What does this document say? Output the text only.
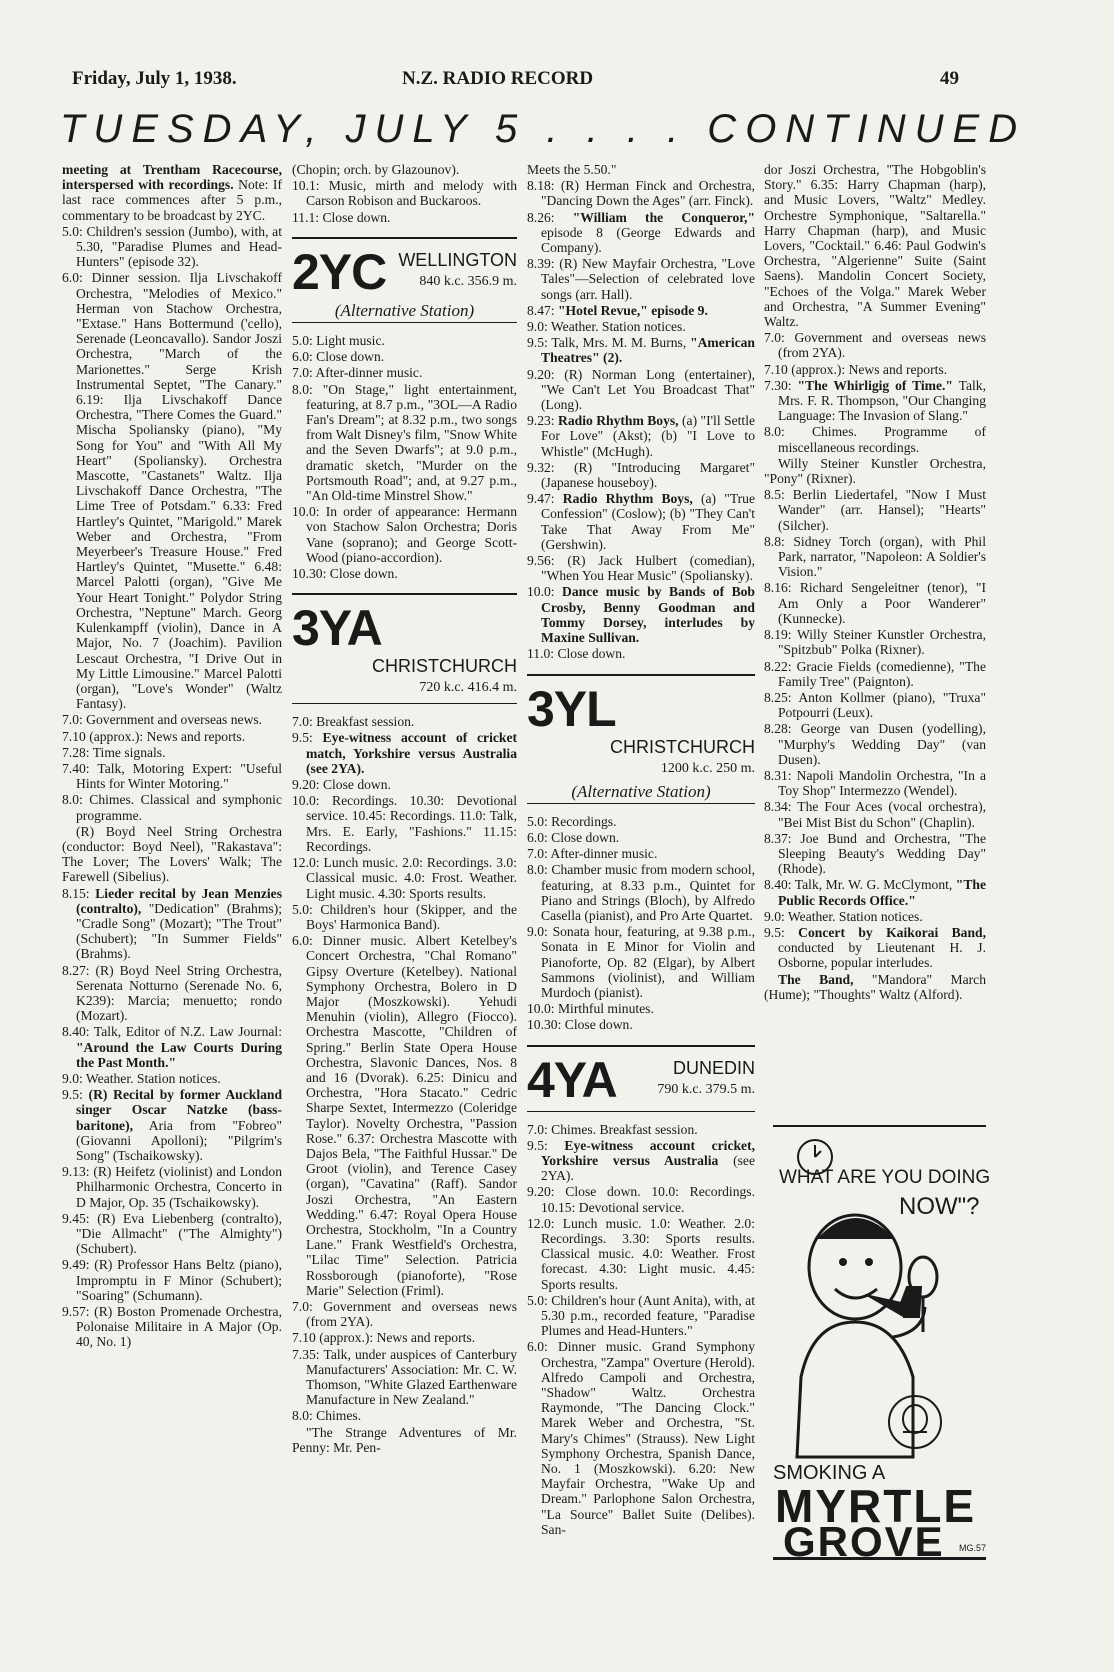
Friday, July 1, 1938.	N.Z. RADIO RECORD	49
TUESDAY, JULY 5 . . . . CONTINUED

meeting at Trentham Racecourse, interspersed with recordings. Note: If last race commences after 5 p.m., commentary to be broadcast by 2YC.

5.0: Children's session (Jumbo), with, at 5.30, "Paradise Plumes and Head-Hunters" (episode 32).

6.0: Dinner session. Ilja Livschakoff Orchestra, "Melodies of Mexico." Herman von Stachow Orchestra, "Extase." Hans Bottermund ('cello), Serenade (Leoncavallo). Sandor Joszi Orchestra, "March of the Marionettes." Serge Krish Instrumental Septet, "The Canary." 6.19: Ilja Livschakoff Dance Orchestra, "There Comes the Guard." Mischa Spoliansky (piano), "My Song for You" and "With All My Heart" (Spoliansky). Orchestra Mascotte, "Castanets" Waltz. Ilja Livschakoff Dance Orchestra, "The Lime Tree of Potsdam." 6.33: Fred Hartley's Quintet, "Marigold." Marek Weber and Orchestra, "From Meyerbeer's Treasure House." Fred Hartley's Quintet, "Musette." 6.48: Marcel Palotti (organ), "Give Me Your Heart Tonight." Polydor String Orchestra, "Neptune" March. Georg Kulenkampff (violin), Dance in A Major, No. 7 (Joachim). Pavilion Lescaut Orchestra, "I Drive Out in My Little Limousine." Marcel Palotti (organ), "Love's Wonder" (Waltz Fantasy).

7.0: Government and overseas news.

7.10 (approx.): News and reports.

7.28: Time signals.

7.40: Talk, Motoring Expert: "Useful Hints for Winter Motoring."

8.0: Chimes. Classical and symphonic programme.

(R) Boyd Neel String Orchestra (conductor: Boyd Neel), "Rakastava": The Lover; The Lovers' Walk; The Farewell (Sibelius).

8.15: Lieder recital by Jean Menzies (contralto), "Dedication" (Brahms); "Cradle Song" (Mozart); "The Trout" (Schubert); "In Summer Fields" (Brahms).

8.27: (R) Boyd Neel String Orchestra, Serenata Notturno (Serenade No. 6, K239): Marcia; menuetto; rondo (Mozart).

8.40: Talk, Editor of N.Z. Law Journal: "Around the Law Courts During the Past Month."

9.0: Weather. Station notices.

9.5: (R) Recital by former Auckland singer Oscar Natzke (bass-baritone), Aria from "Fobreo" (Giovanni Apolloni); "Pilgrim's Song" (Tschaikowsky).

9.13: (R) Heifetz (violinist) and London Philharmonic Orchestra, Concerto in D Major, Op. 35 (Tschaikowsky).

9.45: (R) Eva Liebenberg (contralto), "Die Allmacht" ("The Almighty") (Schubert).

9.49: (R) Professor Hans Beltz (piano), Impromptu in F Minor (Schubert); "Soaring" (Schumann).

9.57: (R) Boston Promenade Orchestra, Polonaise Militaire in A Major (Op. 40, No. 1)

(Chopin; orch. by Glazounov).

10.1: Music, mirth and melody with Carson Robison and Buckaroos.

11.1: Close down.

2YC WELLINGTON
840 k.c. 356.9 m.
(Alternative Station)

5.0: Light music.

6.0: Close down.

7.0: After-dinner music.

8.0: "On Stage," light entertainment, featuring, at 8.7 p.m., "3OL—A Radio Fan's Dream"; at 8.32 p.m., two songs from Walt Disney's film, "Snow White and the Seven Dwarfs"; at 9.0 p.m., dramatic sketch, "Murder on the Portsmouth Road"; and, at 9.27 p.m., "An Old-time Minstrel Show."

10.0: In order of appearance: Hermann von Stachow Salon Orchestra; Doris Vane (soprano); and George Scott-Wood (piano-accordion).

10.30: Close down.

3YA
CHRISTCHURCH
720 k.c. 416.4 m.

7.0: Breakfast session.

9.5: Eye-witness account of cricket match, Yorkshire versus Australia (see 2YA).

9.20: Close down.

10.0: Recordings. 10.30: Devotional service. 10.45: Recordings. 11.0: Talk, Mrs. E. Early, "Fashions." 11.15: Recordings.

12.0: Lunch music. 2.0: Recordings. 3.0: Classical music. 4.0: Frost. Weather. Light music. 4.30: Sports results.

5.0: Children's hour (Skipper, and the Boys' Harmonica Band).

6.0: Dinner music. Albert Ketelbey's Concert Orchestra, "Chal Romano" Gipsy Overture (Ketelbey). National Symphony Orchestra, Bolero in D Major (Moszkowski). Yehudi Menuhin (violin), Allegro (Fiocco). Orchestra Mascotte, "Children of Spring." Berlin State Opera House Orchestra, Slavonic Dances, Nos. 8 and 16 (Dvorak). 6.25: Dinicu and Orchestra, "Hora Stacato." Cedric Sharpe Sextet, Intermezzo (Coleridge Taylor). Novelty Orchestra, "Passion Rose." 6.37: Orchestra Mascotte with Dajos Bela, "The Faithful Hussar." De Groot (violin), and Terence Casey (organ), "Cavatina" (Raff). Sandor Joszi Orchestra, "An Eastern Wedding." 6.47: Royal Opera House Orchestra, Stockholm, "In a Country Lane." Frank Westfield's Orchestra, "Lilac Time" Selection. Patricia Rossborough (pianoforte), "Rose Marie" Selection (Friml).

7.0: Government and overseas news (from 2YA).

7.10 (approx.): News and reports.

7.35: Talk, under auspices of Canterbury Manufacturers' Association: Mr. C. W. Thomson, "White Glazed Earthenware Manufacture in New Zealand."

8.0: Chimes.

"The Strange Adventures of Mr. Penny: Mr. Pen-

Meets the 5.50."

8.18: (R) Herman Finck and Orchestra, "Dancing Down the Ages" (arr. Finck).

8.26: "William the Conqueror," episode 8 (George Edwards and Company).

8.39: (R) New Mayfair Orchestra, "Love Tales"—Selection of celebrated love songs (arr. Hall).

8.47: "Hotel Revue," episode 9.

9.0: Weather. Station notices.

9.5: Talk, Mrs. M. M. Burns, "American Theatres" (2).

9.20: (R) Norman Long (entertainer), "We Can't Let You Broadcast That" (Long).

9.23: Radio Rhythm Boys, (a) "I'll Settle For Love" (Akst); (b) "I Love to Whistle" (McHugh).

9.32: (R) "Introducing Margaret" (Japanese houseboy).

9.47: Radio Rhythm Boys, (a) "True Confession" (Coslow); (b) "They Can't Take That Away From Me" (Gershwin).

9.56: (R) Jack Hulbert (comedian), "When You Hear Music" (Spoliansky).

10.0: Dance music by Bands of Bob Crosby, Benny Goodman and Tommy Dorsey, interludes by Maxine Sullivan.

11.0: Close down.

3YL
CHRISTCHURCH
1200 k.c. 250 m.
(Alternative Station)

5.0: Recordings.

6.0: Close down.

7.0: After-dinner music.

8.0: Chamber music from modern school, featuring, at 8.33 p.m., Quintet for Piano and Strings (Bloch), by Alfredo Casella (pianist), and Pro Arte Quartet.

9.0: Sonata hour, featuring, at 9.38 p.m., Sonata in E Minor for Violin and Pianoforte, Op. 82 (Elgar), by Albert Sammons (violinist), and William Murdoch (pianist).

10.0: Mirthful minutes.

10.30: Close down.

4YA	DUNEDIN
790 k.c. 379.5 m.

7.0: Chimes. Breakfast session.

9.5: Eye-witness account cricket, Yorkshire versus Australia (see 2YA).

9.20: Close down. 10.0: Recordings. 10.15: Devotional service.

12.0: Lunch music. 1.0: Weather. 2.0: Recordings. 3.30: Sports results. Classical music. 4.0: Weather. Frost forecast. 4.30: Light music. 4.45: Sports results.

5.0: Children's hour (Aunt Anita), with, at 5.30 p.m., recorded feature, "Paradise Plumes and Head-Hunters."

6.0: Dinner music. Grand Symphony Orchestra, "Zampa" Overture (Herold). Alfredo Campoli and Orchestra, "Shadow" Waltz. Orchestra Raymonde, "The Dancing Clock." Marek Weber and Orchestra, "St. Mary's Chimes" (Strauss). New Light Symphony Orchestra, Spanish Dance, No. 1 (Moszkowski). 6.20: New Mayfair Orchestra, "Wake Up and Dream." Parlophone Salon Orchestra, "La Source" Ballet Suite (Delibes). San-

dor Joszi Orchestra, "The Hobgoblin's Story." 6.35: Harry Chapman (harp), and Music Lovers, "Waltz" Medley. Orchestre Symphonique, "Saltarella." Harry Chapman (harp), and Music Lovers, "Cocktail." 6.46: Paul Godwin's Orchestra, "Algerienne" Suite (Saint Saens). Mandolin Concert Society, "Echoes of the Volga." Marek Weber and Orchestra, "A Summer Evening" Waltz.

7.0: Government and overseas news (from 2YA).

7.10 (approx.): News and reports.

7.30: "The Whirligig of Time." Talk, Mrs. F. R. Thompson, "Our Changing Language: The Invasion of Slang."

8.0: Chimes. Programme of miscellaneous recordings.

Willy Steiner Kunstler Orchestra, "Pony" (Rixner).

8.5: Berlin Liedertafel, "Now I Must Wander" (arr. Hansel); "Hearts" (Silcher).

8.8: Sidney Torch (organ), with Phil Park, narrator, "Napoleon: A Soldier's Vision."

8.16: Richard Sengeleitner (tenor), "I Am Only a Poor Wanderer" (Kunnecke).

8.19: Willy Steiner Kunstler Orchestra, "Spitzbub" Polka (Rixner).

8.22: Gracie Fields (comedienne), "The Family Tree" (Paignton).

8.25: Anton Kollmer (piano), "Truxa" Potpourri (Leux).

8.28: George van Dusen (yodelling), "Murphy's Wedding Day" (van Dusen).

8.31: Napoli Mandolin Orchestra, "In a Toy Shop" Intermezzo (Wendel).

8.34: The Four Aces (vocal orchestra), "Bei Mist Bist du Schon" (Chaplin).

8.37: Joe Bund and Orchestra, "The Sleeping Beauty's Wedding Day" (Rhode).

8.40: Talk, Mr. W. G. McClymont, "The Public Records Office."

9.0: Weather. Station notices.

9.5: Concert by Kaikorai Band, conducted by Lieutenant H. J. Osborne, popular interludes.

The Band, "Mandora" March (Hume); "Thoughts" Waltz (Alford).

WHAT ARE YOU DOING
NOW"?
SMOKING A
MYRTLE
GROVE MG.57
